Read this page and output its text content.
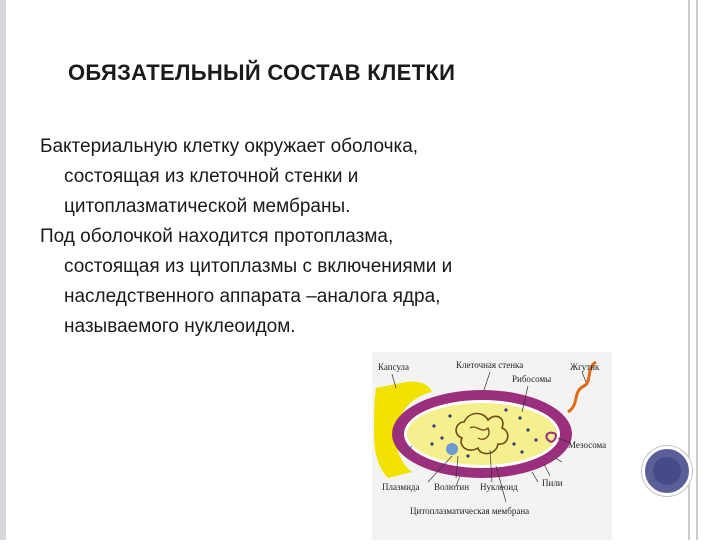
ОБЯЗАТЕЛЬНЫЙ СОСТАВ КЛЕТКИ

Бактериальную клетку окружает оболочка,
состоящая из клеточной стенки и
цитоплазматической мембраны.

Под оболочкой находится протоплазма,
состоящая из цитоплазмы с включениями и
наследственного аппарата –аналога ядра,
называемого нуклеоидом.

Капсула	Клеточная стенка	Жгутик
Рибосомы
Мезосома
Пили
Плазмида Волютин Нуклеоид
Цитоплазматическая мембрана
